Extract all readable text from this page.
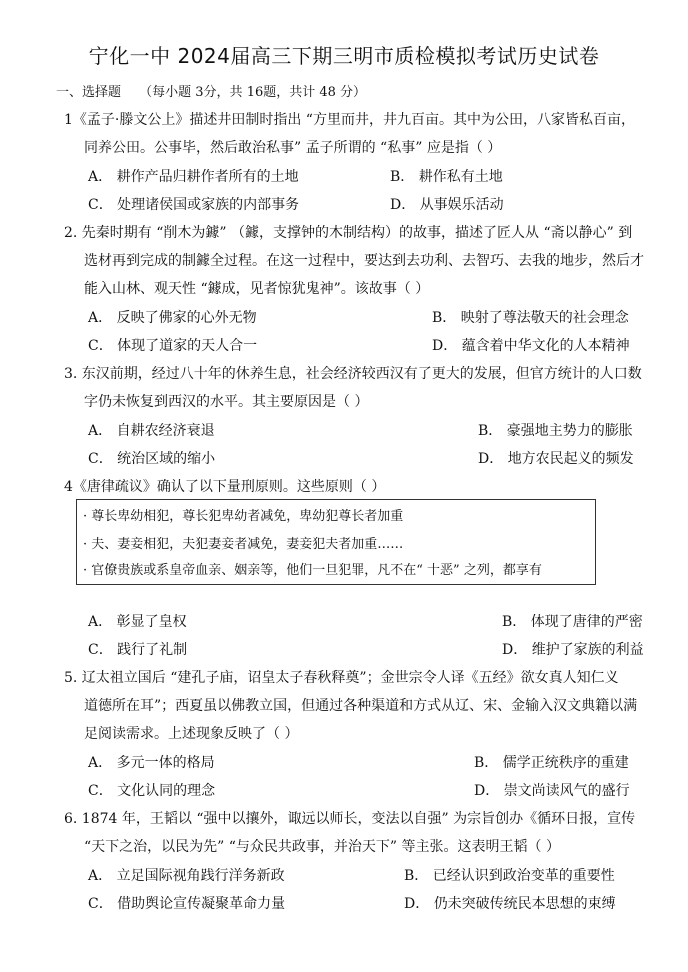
宁化一中 2024届高三下期三明市质检模拟考试历史试卷
一、选择题 （每小题 3分，共 16题，共计 48 分）
1《孟子·滕文公上》描述井田制时指出 “方里而井，井九百亩。其中为公田，八家皆私百亩，
同养公田。公事毕，然后敢治私事” 孟子所谓的 “私事” 应是指（ ）
A． 耕作产品归耕作者所有的土地	B． 耕作私有土地
C． 处理诸侯国或家族的内部事务	D． 从事娱乐活动
2. 先秦时期有 “削木为鐻” （鐻，支撑钟的木制结构）的故事，描述了匠人从 “斋以静心” 到
选材再到完成的制鐻全过程。在这一过程中，要达到去功利、去智巧、去我的地步，然后才
能入山林、观天性 “鐻成，见者惊犹鬼神”。该故事（ ）
A． 反映了佛家的心外无物	B． 映射了尊法敬天的社会理念
C． 体现了道家的天人合一	D． 蕴含着中华文化的人本精神
3. 东汉前期，经过八十年的休养生息，社会经济较西汉有了更大的发展，但官方统计的人口数
字仍未恢复到西汉的水平。其主要原因是（ ）
A． 自耕农经济衰退	B． 豪强地主势力的膨胀
C． 统治区域的缩小	D． 地方农民起义的频发
4《唐律疏议》确认了以下量刑原则。这些原则（ ）
· 尊长卑幼相犯，尊长犯卑幼者减免，卑幼犯尊长者加重
· 夫、妻妾相犯，夫犯妻妾者减免，妻妾犯夫者加重……
· 官僚贵族或系皇帝血亲、姻亲等，他们一旦犯罪，凡不在“ 十恶” 之列，都享有
A． 彰显了皇权	B． 体现了唐律的严密
C． 践行了礼制	D． 维护了家族的利益
5. 辽太祖立国后 “建孔子庙，诏皇太子春秋释奠”；金世宗令人译《五经》欲女真人知仁义
道德所在耳”；西夏虽以佛教立国，但通过各种渠道和方式从辽、宋、金输入汉文典籍以满
足阅读需求。上述现象反映了（ ）
A． 多元一体的格局	B． 儒学正统秩序的重建
C． 文化认同的理念	D． 崇文尚读风气的盛行
6. 1874 年，王韬以 “强中以攘外，诹远以师长，变法以自强” 为宗旨创办《循环日报，宣传
“天下之治，以民为先” “与众民共政事，并治天下” 等主张。这表明王韬（ ）
A． 立足国际视角践行洋务新政	B． 已经认识到政治变革的重要性
C． 借助舆论宣传凝聚革命力量	D． 仍未突破传统民本思想的束缚
